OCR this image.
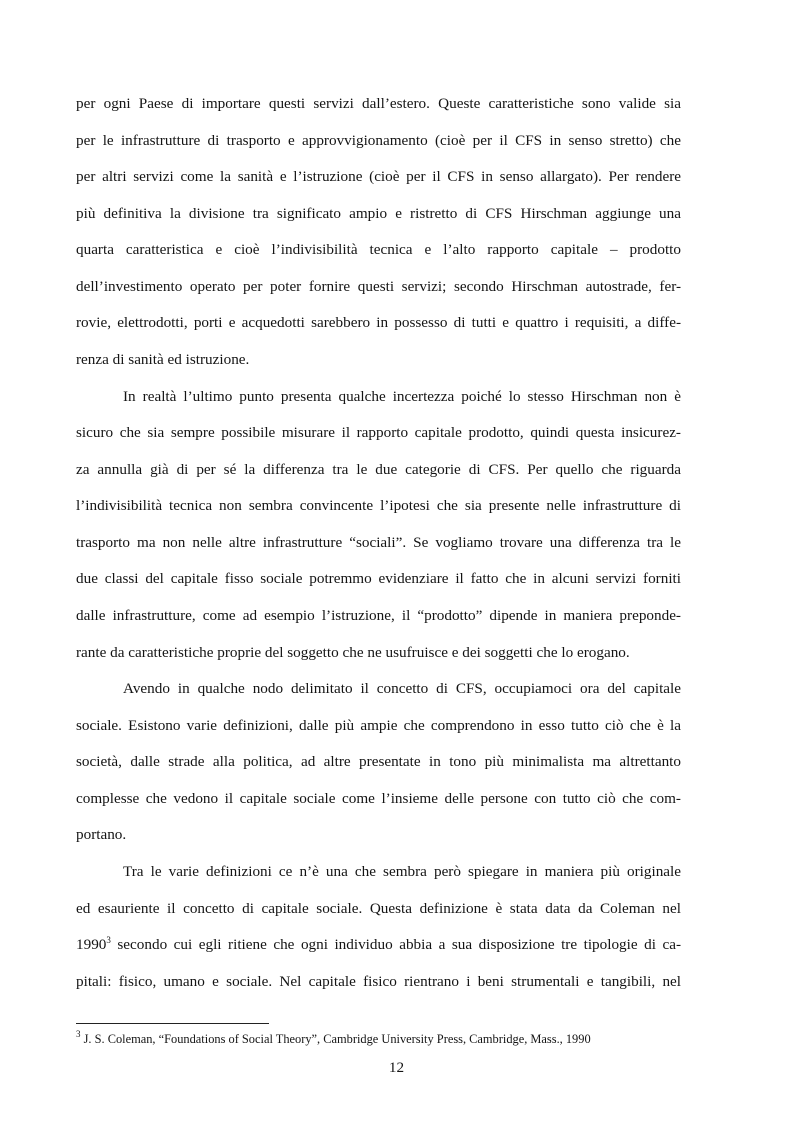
per ogni Paese di importare questi servizi dall’estero. Queste caratteristiche sono valide sia
per le infrastrutture di trasporto e approvvigionamento (cioè per il CFS in senso stretto) che
per altri servizi come la sanità e l’istruzione (cioè per il CFS in senso allargato). Per rendere
più definitiva la divisione tra significato ampio e ristretto di CFS Hirschman aggiunge una
quarta caratteristica e cioè l’indivisibilità tecnica e l’alto rapporto capitale – prodotto
dell’investimento operato per poter fornire questi servizi; secondo Hirschman autostrade, fer-
rovie, elettrodotti, porti e acquedotti sarebbero in possesso di tutti e quattro i requisiti, a diffe-
renza di sanità ed istruzione.
In realtà l’ultimo punto presenta qualche incertezza poiché lo stesso Hirschman non è
sicuro che sia sempre possibile misurare il rapporto capitale prodotto, quindi questa insicurez-
za annulla già di per sé la differenza tra le due categorie di CFS. Per quello che riguarda
l’indivisibilità tecnica non sembra convincente l’ipotesi che sia presente nelle infrastrutture di
trasporto ma non nelle altre infrastrutture “sociali”. Se vogliamo trovare una differenza tra le
due classi del capitale fisso sociale potremmo evidenziare il fatto che in alcuni servizi forniti
dalle infrastrutture, come ad esempio l’istruzione, il “prodotto” dipende in maniera preponde-
rante da caratteristiche proprie del soggetto che ne usufruisce e dei soggetti che lo erogano.
Avendo in qualche nodo delimitato il concetto di CFS, occupiamoci ora del capitale
sociale. Esistono varie definizioni, dalle più ampie che comprendono in esso tutto ciò che è la
società, dalle strade alla politica, ad altre presentate in tono più minimalista ma altrettanto
complesse che vedono il capitale sociale come l’insieme delle persone con tutto ciò che com-
portano.
Tra le varie definizioni ce n’è una che sembra però spiegare in maniera più originale
ed esauriente il concetto di capitale sociale. Questa definizione è stata data da Coleman nel
1990$^3$ secondo cui egli ritiene che ogni individuo abbia a sua disposizione tre tipologie di ca-
pitali: fisico, umano e sociale. Nel capitale fisico rientrano i beni strumentali e tangibili, nel
$^3$ J. S. Coleman, “Foundations of Social Theory”, Cambridge University Press, Cambridge, Mass., 1990
12
